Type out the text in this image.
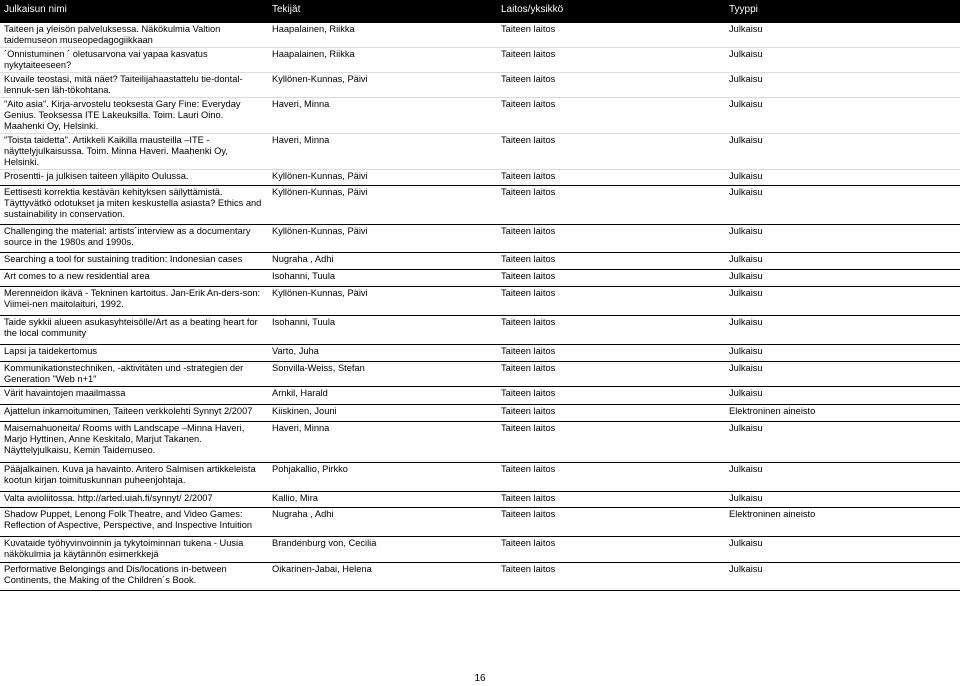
Julkaisun nimi	Tekijät	Laitos/yksikkö	Tyyppi
Taiteen ja yleisön palveluksessa. Näkökulmia Valtion taidemuseon museopedagogiikkaan	Haapalainen, Riikka	Taiteen laitos	Julkaisu
´Onnistuminen ´ oletusarvona vai yapaa kasvatus nykytaiteeseen?	Haapalainen, Riikka	Taiteen laitos	Julkaisu
Kuvaile teostasi, mitä näet? Taiteilijahaastattelu tie-dontal-lennuk-sen läh-tökohtana.	Kyllönen-Kunnas, Päivi	Taiteen laitos	Julkaisu
"Aito asia". Kirja-arvostelu teoksesta Gary Fine: Everyday Genius. Teoksessa ITE Lakeuksilla. Toim. Lauri Oino. Maahenki Oy, Helsinki.	Haveri, Minna	Taiteen laitos	Julkaisu
"Toista taidetta". Artikkeli Kaikilla mausteilla –ITE -näyttelyjulkaisussa. Toim. Minna Haveri. Maahenki Oy, Helsinki.	Haveri, Minna	Taiteen laitos	Julkaisu
Prosentti- ja julkisen taiteen ylläpito Oulussa.	Kyllönen-Kunnas, Päivi	Taiteen laitos	Julkaisu
Eettisesti korrektia kestävän kehityksen säilyttämistä. Täyttyvätkö odotukset ja miten keskustella asiasta? Ethics and sustainability in conservation.	Kyllönen-Kunnas, Päivi	Taiteen laitos	Julkaisu
Challenging the material: artists´interview as a documentary source in the 1980s and 1990s.	Kyllönen-Kunnas, Päivi	Taiteen laitos	Julkaisu
Searching a tool for sustaining tradition: Indonesian cases	Nugraha , Adhi	Taiteen laitos	Julkaisu
Art comes to a new residential area	Isohanni, Tuula	Taiteen laitos	Julkaisu
Merenneidon ikävä - Tekninen kartoitus. Jan-Erik An-ders-son: Viimei-nen maitolaituri, 1992.	Kyllönen-Kunnas, Päivi	Taiteen laitos	Julkaisu
Taide sykkii alueen asukasyhteisölle/Art as a beating heart for the local community	Isohanni, Tuula	Taiteen laitos	Julkaisu
Lapsi ja taidekertomus	Varto, Juha	Taiteen laitos	Julkaisu
Kommunikationstechniken, -aktivitäten und -strategien der Generation "Web n+1"	Sonvilla-Weiss, Stefan	Taiteen laitos	Julkaisu
Värit havaintojen maailmassa	Arnkil, Harald	Taiteen laitos	Julkaisu
Ajattelun inkarnoituminen, Taiteen verkkolehti Synnyt 2/2007	Kiiskinen, Jouni	Taiteen laitos	Elektroninen aineisto
Maisemahuoneita/ Rooms with Landscape –Minna Haveri, Marjo Hyttinen, Anne Keskitalo, Marjut Takanen. Näyttelyjulkaisu, Kemin Taidemuseo.	Haveri, Minna	Taiteen laitos	Julkaisu
Pääjalkainen. Kuva ja havainto. Antero Salmisen artikkeleista kootun kirjan toimituskunnan puheenjohtaja.	Pohjakallio, Pirkko	Taiteen laitos	Julkaisu
Valta avioliitossa. http://arted.uiah.fi/synnyt/ 2/2007	Kallio, Mira	Taiteen laitos	Julkaisu
Shadow Puppet, Lenong Folk Theatre, and Video Games: Reflection of Aspective, Perspective, and Inspective Intuition	Nugraha , Adhi	Taiteen laitos	Elektroninen aineisto
Kuvataide työhyvinvoinnin ja tykytoiminnan tukena - Uusia näkökulmia ja käytännön esimerkkejä	Brandenburg von, Cecilia	Taiteen laitos	Julkaisu
Performative Belongings and Dis/locations in-between Continents, the Making of the Children´s Book.	Oikarinen-Jabai, Helena	Taiteen laitos	Julkaisu
16
